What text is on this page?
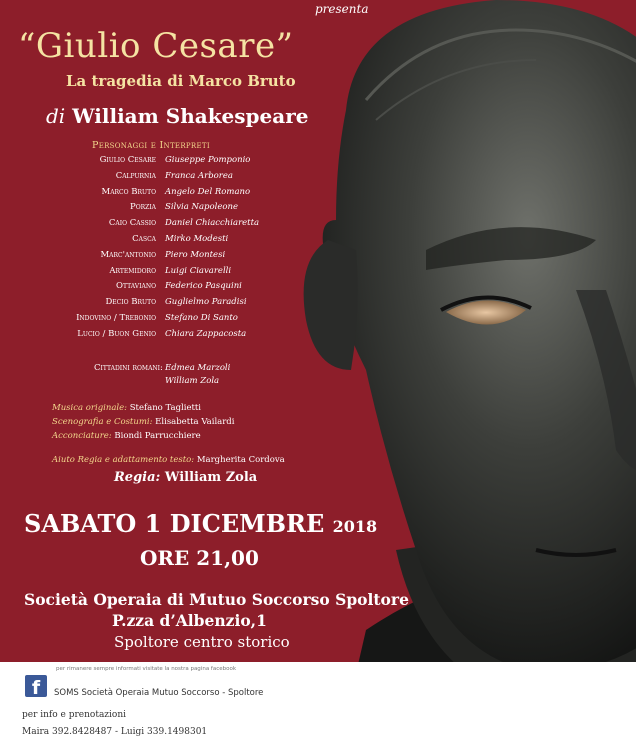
presenta
“Giulio Cesare”
La tragedia di Marco Bruto
di William Shakespeare
Personaggi e Interpreti
Giulio Cesare Giuseppe Pomponio
Calpurnia Franca Arborea
Marco Bruto Angelo Del Romano
Porzia Silvia Napoleone
Caio Cassio Daniel Chiacchiaretta
Casca Mirko Modesti
Marc'antonio Piero Montesi
Artemidoro Luigi Ciavarelli
Ottaviano Federico Pasquini
Decio Bruto Guglielmo Paradisi
Indovino / Trebonio Stefano Di Santo
Lucio / Buon Genio Chiara Zappacosta
Cittadini romani: Edmea Marzoli
William Zola
Musica originale: Stefano Taglietti
Scenografia e Costumi: Elisabetta Vailardi
Acconciature: Biondi Parrucchiere
Aiuto Regia e adattamento testo: Margherita Cordova
Regia: William Zola
SABATO 1 DICEMBRE 2018
ORE 21,00
Società Operaia di Mutuo Soccorso Spoltore
P.zza d’Albenzio,1
Spoltore centro storico
f
per rimanere sempre informati visitate la nostra pagina facebook
SOMS Società Operaia Mutuo Soccorso - Spoltore
per info e prenotazioni
Maira 392.8428487 - Luigi 339.1498301
